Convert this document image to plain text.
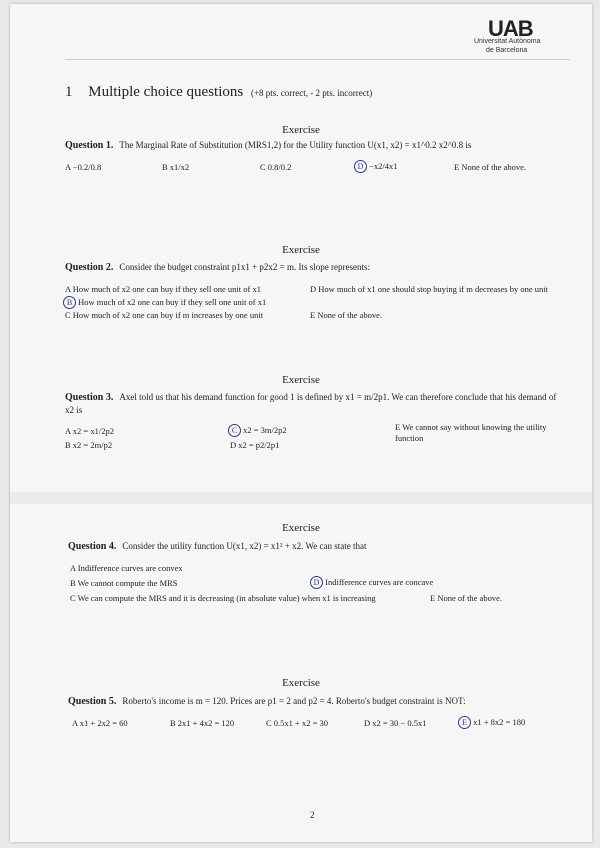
UAB
Universitat Autònoma
de Barcelona
1 Multiple choice questions (+8 pts. correct, - 2 pts. incorrect)
Exercise
Question 1. The Marginal Rate of Substitution (MRS1,2) for the Utility function U(x1, x2) = x1^0.2 x2^0.8 is
A −0.2/0.8	B x1/x2	C 0.8/0.2	D −x2/4x1	E None of the above.
Exercise
Question 2. Consider the budget constraint p1x1 + p2x2 = m. Its slope represents:
A How much of x2 one can buy if they sell one unit of x1
B How much of x2 one can buy if they sell one unit of x1
C How much of x2 one can buy if m increases by one unit
D How much of x1 one should stop buying if m decreases by one unit
E None of the above.
Exercise
Question 3. Axel told us that his demand function for good 1 is defined by x1 = m/2p1. We can therefore conclude that his demand of x2 is
A x2 = x1/2p2
B x2 = 2m/p2
C x2 = 3m/2p2
D x2 = p2/2p1
E We cannot say without knowing the utility function
Exercise
Question 4. Consider the utility function U(x1, x2) = x1² + x2. We can state that
A Indifference curves are convex
B We cannot compute the MRS
C We can compute the MRS and it is decreasing (in absolute value) when x1 is increasing
D Indifference curves are concave
E None of the above.
Exercise
Question 5. Roberto's income is m = 120. Prices are p1 = 2 and p2 = 4. Roberto's budget constraint is NOT:
A x1 + 2x2 = 60	B 2x1 + 4x2 = 120	C 0.5x1 + x2 = 30	D x2 = 30 − 0.5x1	E x1 + 8x2 = 180
2
